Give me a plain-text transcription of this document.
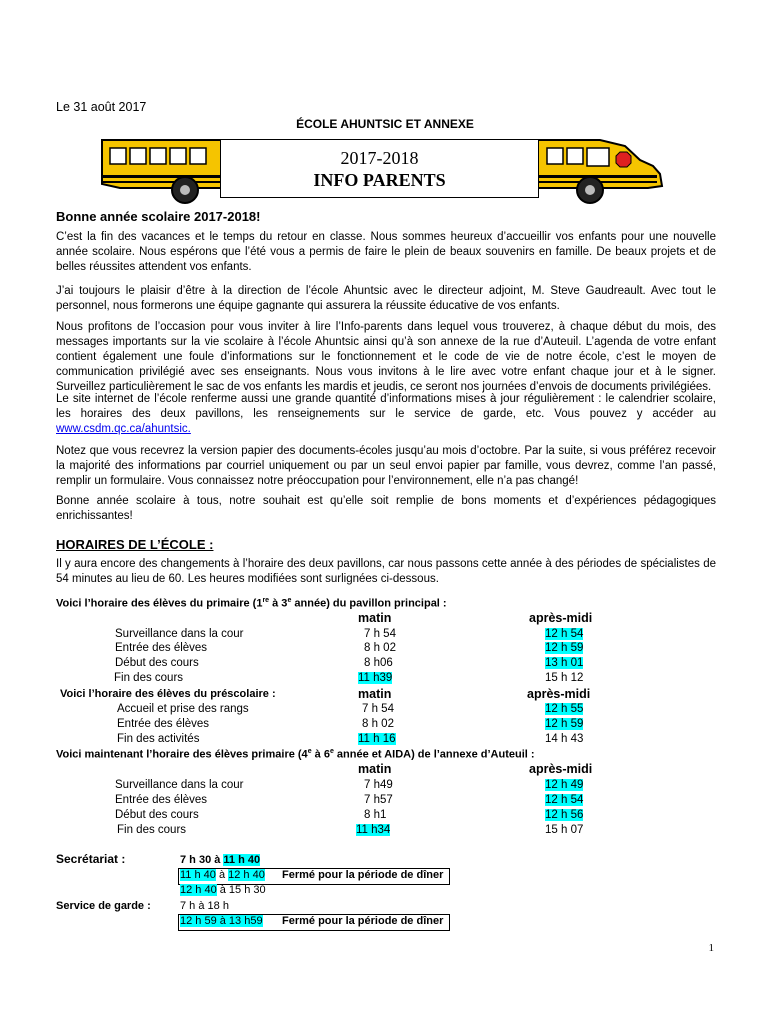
Le 31 août 2017
ÉCOLE AHUNTSIC ET ANNEXE
2017-2018
INFO PARENTS
Bonne année scolaire 2017-2018!

C’est la fin des vacances et le temps du retour en classe. Nous sommes heureux d’accueillir vos enfants pour une nouvelle année scolaire. Nous espérons que l’été vous a permis de faire le plein de beaux souvenirs en famille. De beaux projets et de belles réussites attendent vos enfants.

J’ai toujours le plaisir d’être à la direction de l’école Ahuntsic avec le directeur adjoint, M. Steve Gaudreault. Avec tout le personnel, nous formerons une équipe gagnante qui assurera la réussite éducative de vos enfants.

Nous profitons de l’occasion pour vous inviter à lire l’Info-parents dans lequel vous trouverez, à chaque début du mois, des messages importants sur la vie scolaire à l’école Ahuntsic ainsi qu’à son annexe de la rue d’Auteuil. L’agenda de votre enfant contient également une foule d’informations sur le fonctionnement et le code de vie de notre école, c’est le moyen de communication privilégié avec ses enseignants. Nous vous invitons à le lire avec votre enfant chaque jour et à le signer. Surveillez particulièrement le sac de vos enfants les mardis et jeudis, ce seront nos journées d’envois de documents privilégiées.

Le site internet de l’école renferme aussi une grande quantité d’informations mises à jour régulièrement : le calendrier scolaire, les horaires des deux pavillons, les renseignements sur le service de garde, etc. Vous pouvez y accéder au www.csdm.qc.ca/ahuntsic.

Notez que vous recevrez la version papier des documents-écoles jusqu’au mois d’octobre. Par la suite, si vous préférez recevoir la majorité des informations par courriel uniquement ou par un seul envoi papier par famille, vous devrez, comme l’an passé, remplir un formulaire. Vous connaissez notre préoccupation pour l’environnement, elle n’a pas changé!

Bonne année scolaire à tous, notre souhait est qu’elle soit remplie de bons moments et d’expériences pédagogiques enrichissantes!

HORAIRES DE L’ÉCOLE :

Il y aura encore des changements à l’horaire des deux pavillons, car nous passons cette année à des périodes de spécialistes de 54 minutes au lieu de 60. Les heures modifiées sont surlignées ci-dessous.

Voici l’horaire des élèves du primaire (1re à 3e année) du pavillon principal :
matin	après-midi
Surveillance dans la cour	7 h 54	12 h 54
Entrée des élèves	8 h 02	12 h 59
Début des cours	8 h06	13 h 01
Fin des cours	11 h39	15 h 12
Voici l’horaire des élèves du préscolaire :	matin	après-midi
Accueil et prise des rangs	7 h 54	12 h 55
Entrée des élèves	8 h 02	12 h 59
Fin des activités	11 h 16	14 h 43
Voici maintenant l’horaire des élèves primaire (4e à 6e année et AIDA) de l’annexe d’Auteuil :
matin	après-midi
Surveillance dans la cour	7 h49	12 h 49
Entrée des élèves	7 h57	12 h 54
Début des cours	8 h1	12 h 56
Fin des cours	11 h34	15 h 07
Secrétariat :	7 h 30 à 11 h 40
11 h 40 à 12 h 40 Fermé pour la période de dîner
12 h 40 à 15 h 30
Service de garde :	7 h à 18 h
12 h 59 à 13 h59 Fermé pour la période de dîner
1
